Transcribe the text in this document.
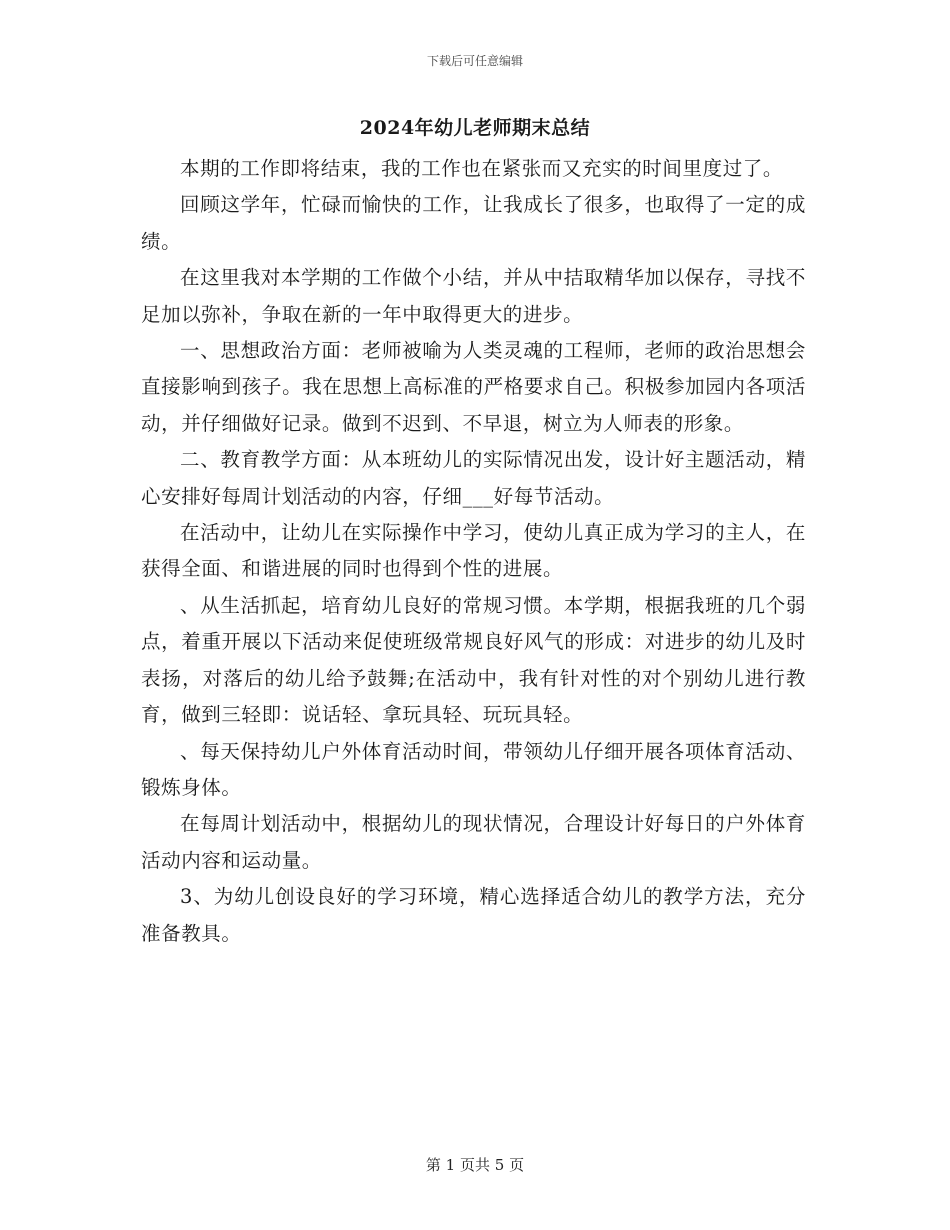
下载后可任意编辑
2024年幼儿老师期末总结

本期的工作即将结束，我的工作也在紧张而又充实的时间里度过了。

回顾这学年，忙碌而愉快的工作，让我成长了很多，也取得了一定的成绩。

在这里我对本学期的工作做个小结，并从中拮取精华加以保存，寻找不足加以弥补，争取在新的一年中取得更大的进步。

一、思想政治方面：老师被喻为人类灵魂的工程师，老师的政治思想会直接影响到孩子。我在思想上高标准的严格要求自己。积极参加园内各项活动，并仔细做好记录。做到不迟到、不早退，树立为人师表的形象。

二、教育教学方面：从本班幼儿的实际情况出发，设计好主题活动，精心安排好每周计划活动的内容，仔细___好每节活动。

在活动中，让幼儿在实际操作中学习，使幼儿真正成为学习的主人，在获得全面、和谐进展的同时也得到个性的进展。

、从生活抓起，培育幼儿良好的常规习惯。本学期，根据我班的几个弱点，着重开展以下活动来促使班级常规良好风气的形成：对进步的幼儿及时表扬，对落后的幼儿给予鼓舞;在活动中，我有针对性的对个别幼儿进行教育，做到三轻即：说话轻、拿玩具轻、玩玩具轻。

、每天保持幼儿户外体育活动时间，带领幼儿仔细开展各项体育活动、锻炼身体。

在每周计划活动中，根据幼儿的现状情况，合理设计好每日的户外体育活动内容和运动量。

3、为幼儿创设良好的学习环境，精心选择适合幼儿的教学方法，充分准备教具。

第 1 页共 5 页
